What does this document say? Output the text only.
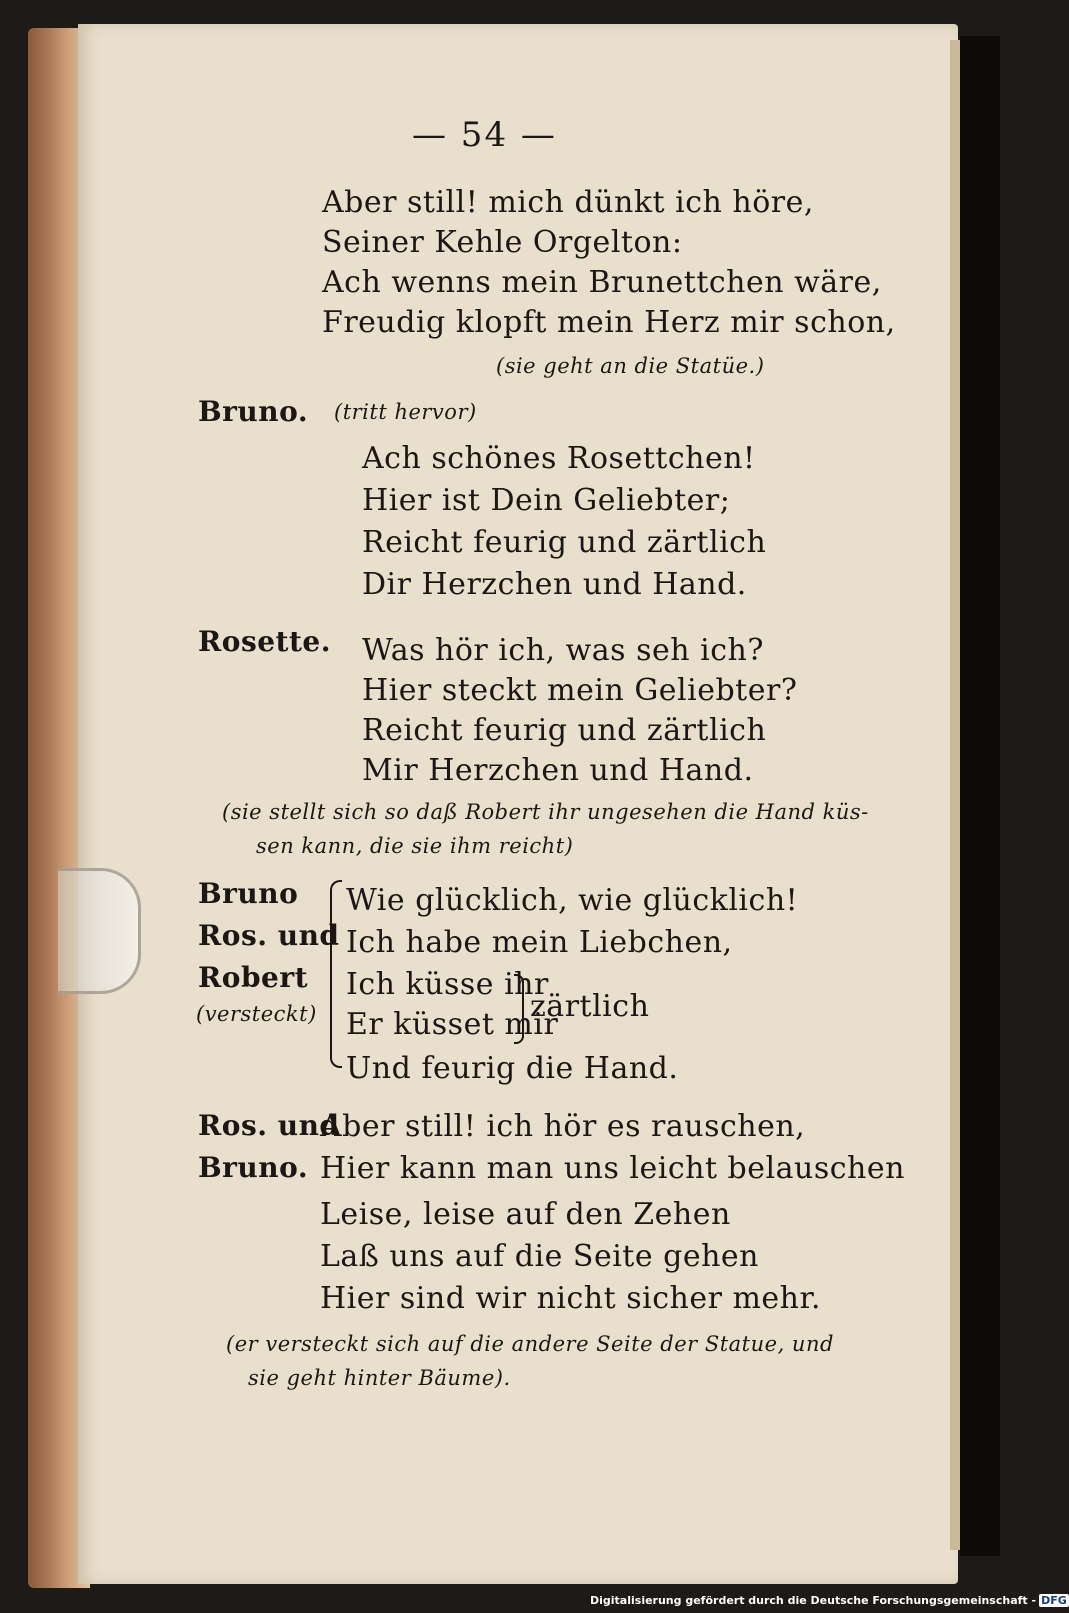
— 54 —
Aber still! mich dünkt ich höre,
Seiner Kehle Orgelton:
Ach wenns mein Brunettchen wäre,
Freudig klopft mein Herz mir schon,
(sie geht an die Statüe.)
Bruno. (tritt hervor)
Ach schönes Rosettchen!
Hier ist Dein Geliebter;
Reicht feurig und zärtlich
Dir Herzchen und Hand.
Rosette. Was hör ich, was seh ich?
Hier steckt mein Geliebter?
Reicht feurig und zärtlich
Mir Herzchen und Hand.
(sie stellt sich so daß Robert ihr ungesehen die Hand küs-
sen kann, die sie ihm reicht)
Bruno
Ros. und
Robert
(versteckt)
Wie glücklich, wie glücklich!
Ich habe mein Liebchen,
Ich küsse ihr
Er küsset mir
zärtlich
Und feurig die Hand.
Ros. und
Bruno.
Aber still! ich hör es rauschen,
Hier kann man uns leicht belauschen
Leise, leise auf den Zehen
Laß uns auf die Seite gehen
Hier sind wir nicht sicher mehr.
(er versteckt sich auf die andere Seite der Statue, und
sie geht hinter Bäume).
Digitalisierung gefördert durch die Deutsche Forschungsgemeinschaft - DFG
